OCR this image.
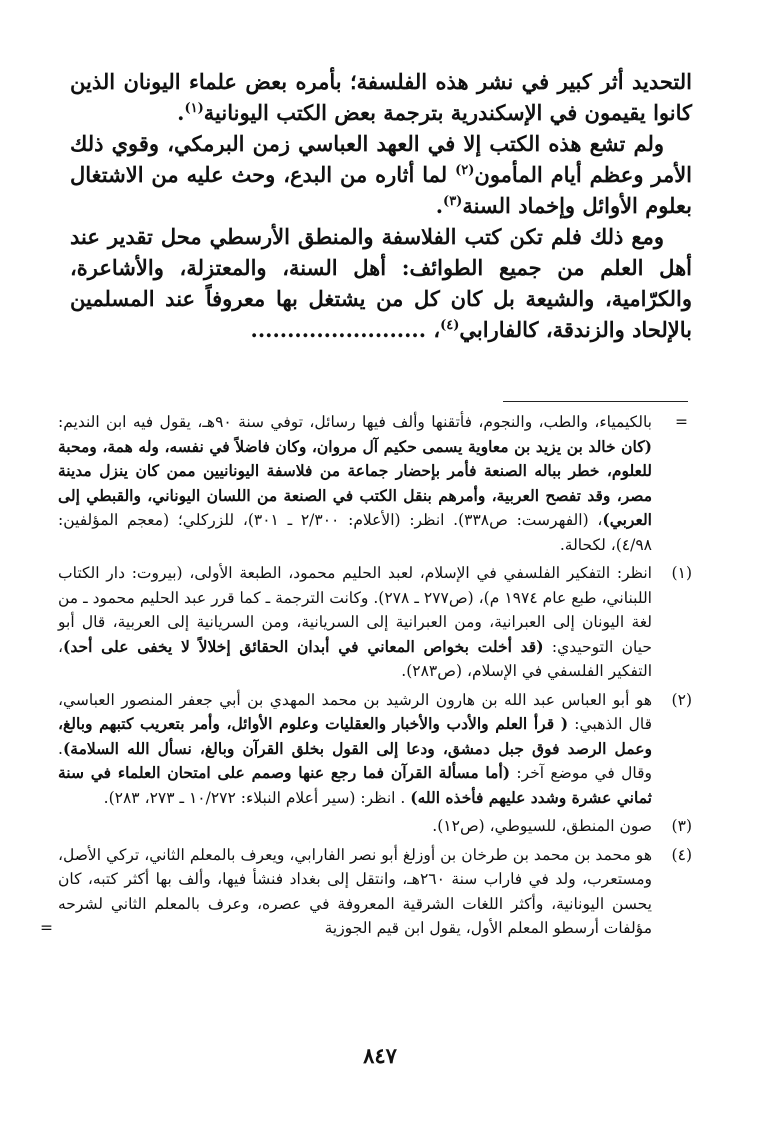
التحديد أثر كبير في نشر هذه الفلسفة؛ بأمره بعض علماء اليونان الذين كانوا يقيمون في الإسكندرية بترجمة بعض الكتب اليونانية$^{(١)}$.

ولم تشع هذه الكتب إلا في العهد العباسي زمن البرمكي، وقوي ذلك الأمر وعظم أيام المأمون$^{(٢)}$ لما أثاره من البدع، وحث عليه من الاشتغال بعلوم الأوائل وإخماد السنة$^{(٣)}$.

ومع ذلك فلم تكن كتب الفلاسفة والمنطق الأرسطي محل تقدير عند أهل العلم من جميع الطوائف: أهل السنة، والمعتزلة، والأشاعرة، والكرّامية، والشيعة بل كان كل من يشتغل بها معروفاً عند المسلمين بالإلحاد والزندقة، كالفارابي$^{(٤)}$، ........................

=
بالكيمياء، والطب، والنجوم، فأتقنها وألف فيها رسائل، توفي سنة ٩٠هـ، يقول فيه ابن النديم: (كان خالد بن يزيد بن معاوية يسمى حكيم آل مروان، وكان فاضلاً في نفسه، وله همة، ومحبة للعلوم، خطر بباله الصنعة فأمر بإحضار جماعة من فلاسفة اليونانيين ممن كان ينزل مدينة مصر، وقد تفصح العربية، وأمرهم بنقل الكتب في الصنعة من اللسان اليوناني، والقبطي إلى العربي)، (الفهرست: ص٣٣٨). انظر: (الأعلام: ٢/٣٠٠ ـ ٣٠١)، للزركلي؛ (معجم المؤلفين: ٤/٩٨)، لكحالة.
(١)
انظر: التفكير الفلسفي في الإسلام، لعبد الحليم محمود، الطبعة الأولى، (بيروت: دار الكتاب اللبناني، طبع عام ١٩٧٤ م)، (ص٢٧٧ ـ ٢٧٨). وكانت الترجمة ـ كما قرر عبد الحليم محمود ـ من لغة اليونان إلى العبرانية، ومن العبرانية إلى السريانية، ومن السريانية إلى العربية، قال أبو حيان التوحيدي: (قد أخلت بخواص المعاني في أبدان الحقائق إخلالاً لا يخفى على أحد)، التفكير الفلسفي في الإسلام، (ص٢٨٣).
(٢)
هو أبو العباس عبد الله بن هارون الرشيد بن محمد المهدي بن أبي جعفر المنصور العباسي، قال الذهبي: ( قرأ العلم والأدب والأخبار والعقليات وعلوم الأوائل، وأمر بتعريب كتبهم وبالغ، وعمل الرصد فوق جبل دمشق، ودعا إلى القول بخلق القرآن وبالغ، نسأل الله السلامة). وقال في موضع آخر: (أما مسألة القرآن فما رجع عنها وصمم على امتحان العلماء في سنة ثماني عشرة وشدد عليهم فأخذه الله) . انظر: (سير أعلام النبلاء: ١٠/٢٧٢ ـ ٢٧٣، ٢٨٣).
(٣)
صون المنطق، للسيوطي، (ص١٢).
(٤)
هو محمد بن محمد بن طرخان بن أوزلغ أبو نصر الفارابي، ويعرف بالمعلم الثاني، تركي الأصل، ومستعرب، ولد في فاراب سنة ٢٦٠هـ، وانتقل إلى بغداد فنشأ فيها، وألف بها أكثر كتبه، كان يحسن اليونانية، وأكثر اللغات الشرقية المعروفة في عصره، وعرف بالمعلم الثاني لشرحه مؤلفات أرسطو المعلم الأول، يقول ابن قيم الجوزية
=
٨٤٧
